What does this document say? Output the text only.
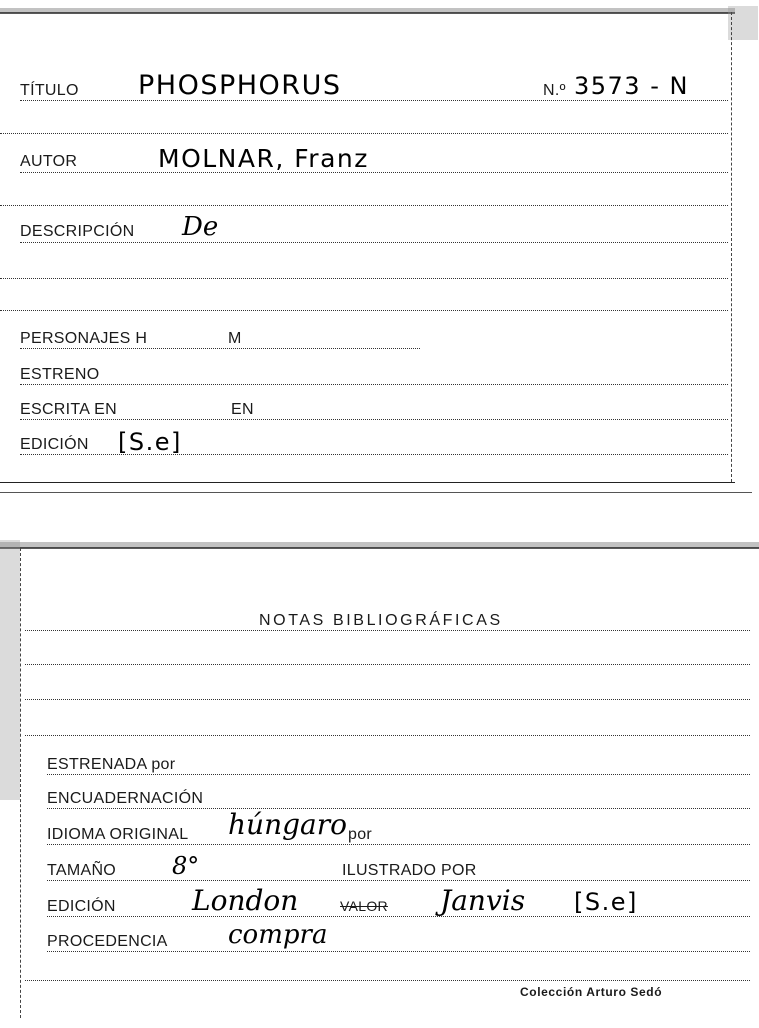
TÍTULO PHOSPHORUS	N.º 3573 - N
AUTOR	MOLNAR, Franz
DESCRIPCIÓN De
PERSONAJES H	M
ESTRENO
ESCRITA EN	EN
EDICIÓN [S.e]
NOTAS BIBLIOGRÁFICAS
ESTRENADA por
ENCUADERNACIÓN
IDIOMA ORIGINAL húngaro por
TAMAÑO 8°	ILUSTRADO POR
EDICIÓN	London	VALOR Janvis [S.e]
PROCEDENCIA compra
Colección Arturo Sedó
